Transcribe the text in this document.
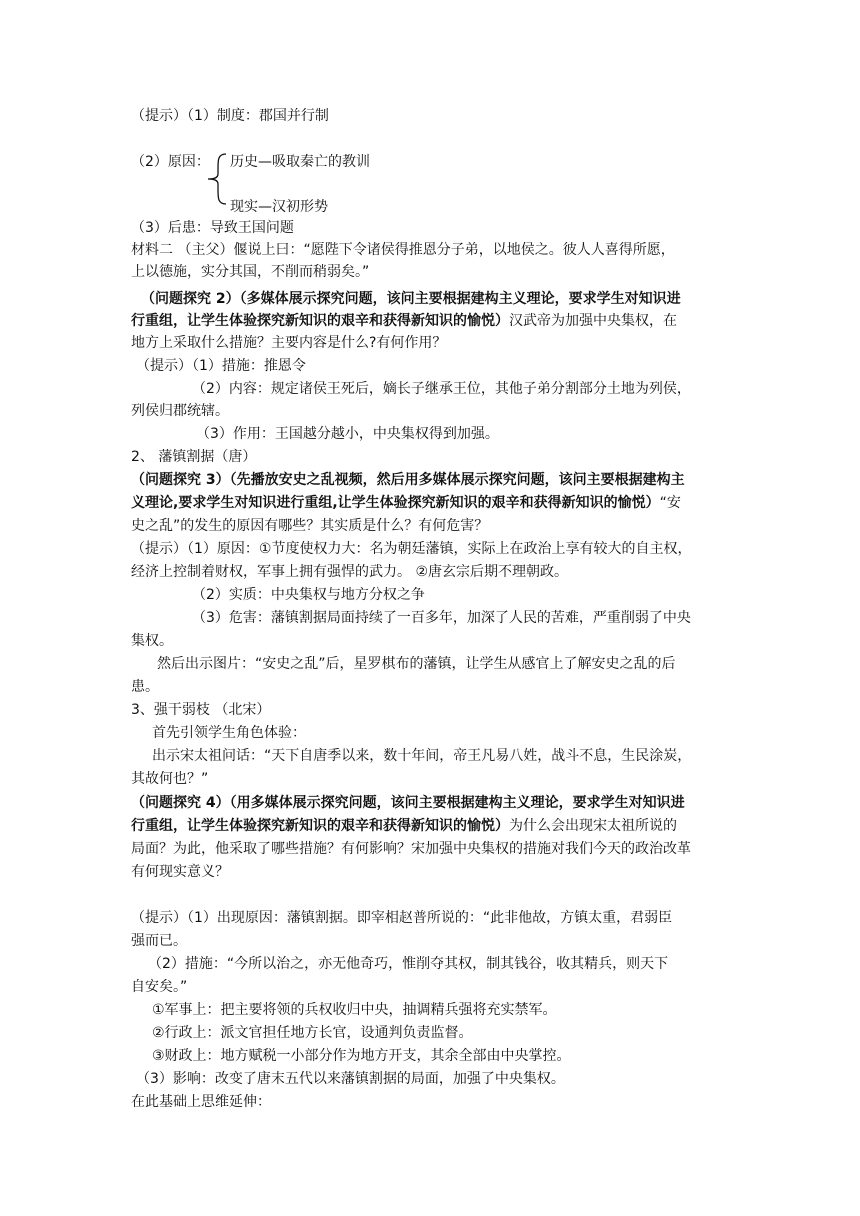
（提示）（1）制度：郡国并行制
（2）原因： 历史—吸取秦亡的教训
现实—汉初形势
（3）后患：导致王国问题
材料二 （主父）偃说上曰：“愿陛下令诸侯得推恩分子弟，以地侯之。彼人人喜得所愿，
上以德施，实分其国，不削而稍弱矣。”
（问题探究 2）（多媒体展示探究问题，该问主要根据建构主义理论，要求学生对知识进
行重组，让学生体验探究新知识的艰辛和获得新知识的愉悦）汉武帝为加强中央集权，在
地方上采取什么措施？主要内容是什么?有何作用？
（提示）（1）措施：推恩令
（2）内容：规定诸侯王死后，嫡长子继承王位，其他子弟分割部分土地为列侯，
列侯归郡统辖。
（3）作用：王国越分越小，中央集权得到加强。
2、 藩镇割据（唐）
（问题探究 3）（先播放安史之乱视频，然后用多媒体展示探究问题，该问主要根据建构主
义理论,要求学生对知识进行重组,让学生体验探究新知识的艰辛和获得新知识的愉悦）“安
史之乱”的发生的原因有哪些？其实质是什么？有何危害？
（提示）（1）原因：①节度使权力大：名为朝廷藩镇，实际上在政治上享有较大的自主权，
经济上控制着财权，军事上拥有强悍的武力。 ②唐玄宗后期不理朝政。
（2）实质：中央集权与地方分权之争
（3）危害：藩镇割据局面持续了一百多年，加深了人民的苦难，严重削弱了中央
集权。
然后出示图片：“安史之乱”后，星罗棋布的藩镇，让学生从感官上了解安史之乱的后
患。
3、强干弱枝 （北宋）
首先引领学生角色体验：
出示宋太祖问话：“天下自唐季以来，数十年间，帝王凡易八姓，战斗不息，生民涂炭，
其故何也？”
（问题探究 4）（用多媒体展示探究问题，该问主要根据建构主义理论，要求学生对知识进
行重组，让学生体验探究新知识的艰辛和获得新知识的愉悦）为什么会出现宋太祖所说的
局面？为此，他采取了哪些措施？有何影响？宋加强中央集权的措施对我们今天的政治改革
有何现实意义？
（提示）（1）出现原因：藩镇割据。即宰相赵普所说的：“此非他故，方镇太重，君弱臣
强而已。
（2）措施：“今所以治之，亦无他奇巧，惟削夺其权，制其钱谷，收其精兵，则天下
自安矣。”
①军事上：把主要将领的兵权收归中央，抽调精兵强将充实禁军。
②行政上：派文官担任地方长官，设通判负责监督。
③财政上：地方赋税一小部分作为地方开支，其余全部由中央掌控。
（3）影响：改变了唐末五代以来藩镇割据的局面，加强了中央集权。
在此基础上思维延伸：
